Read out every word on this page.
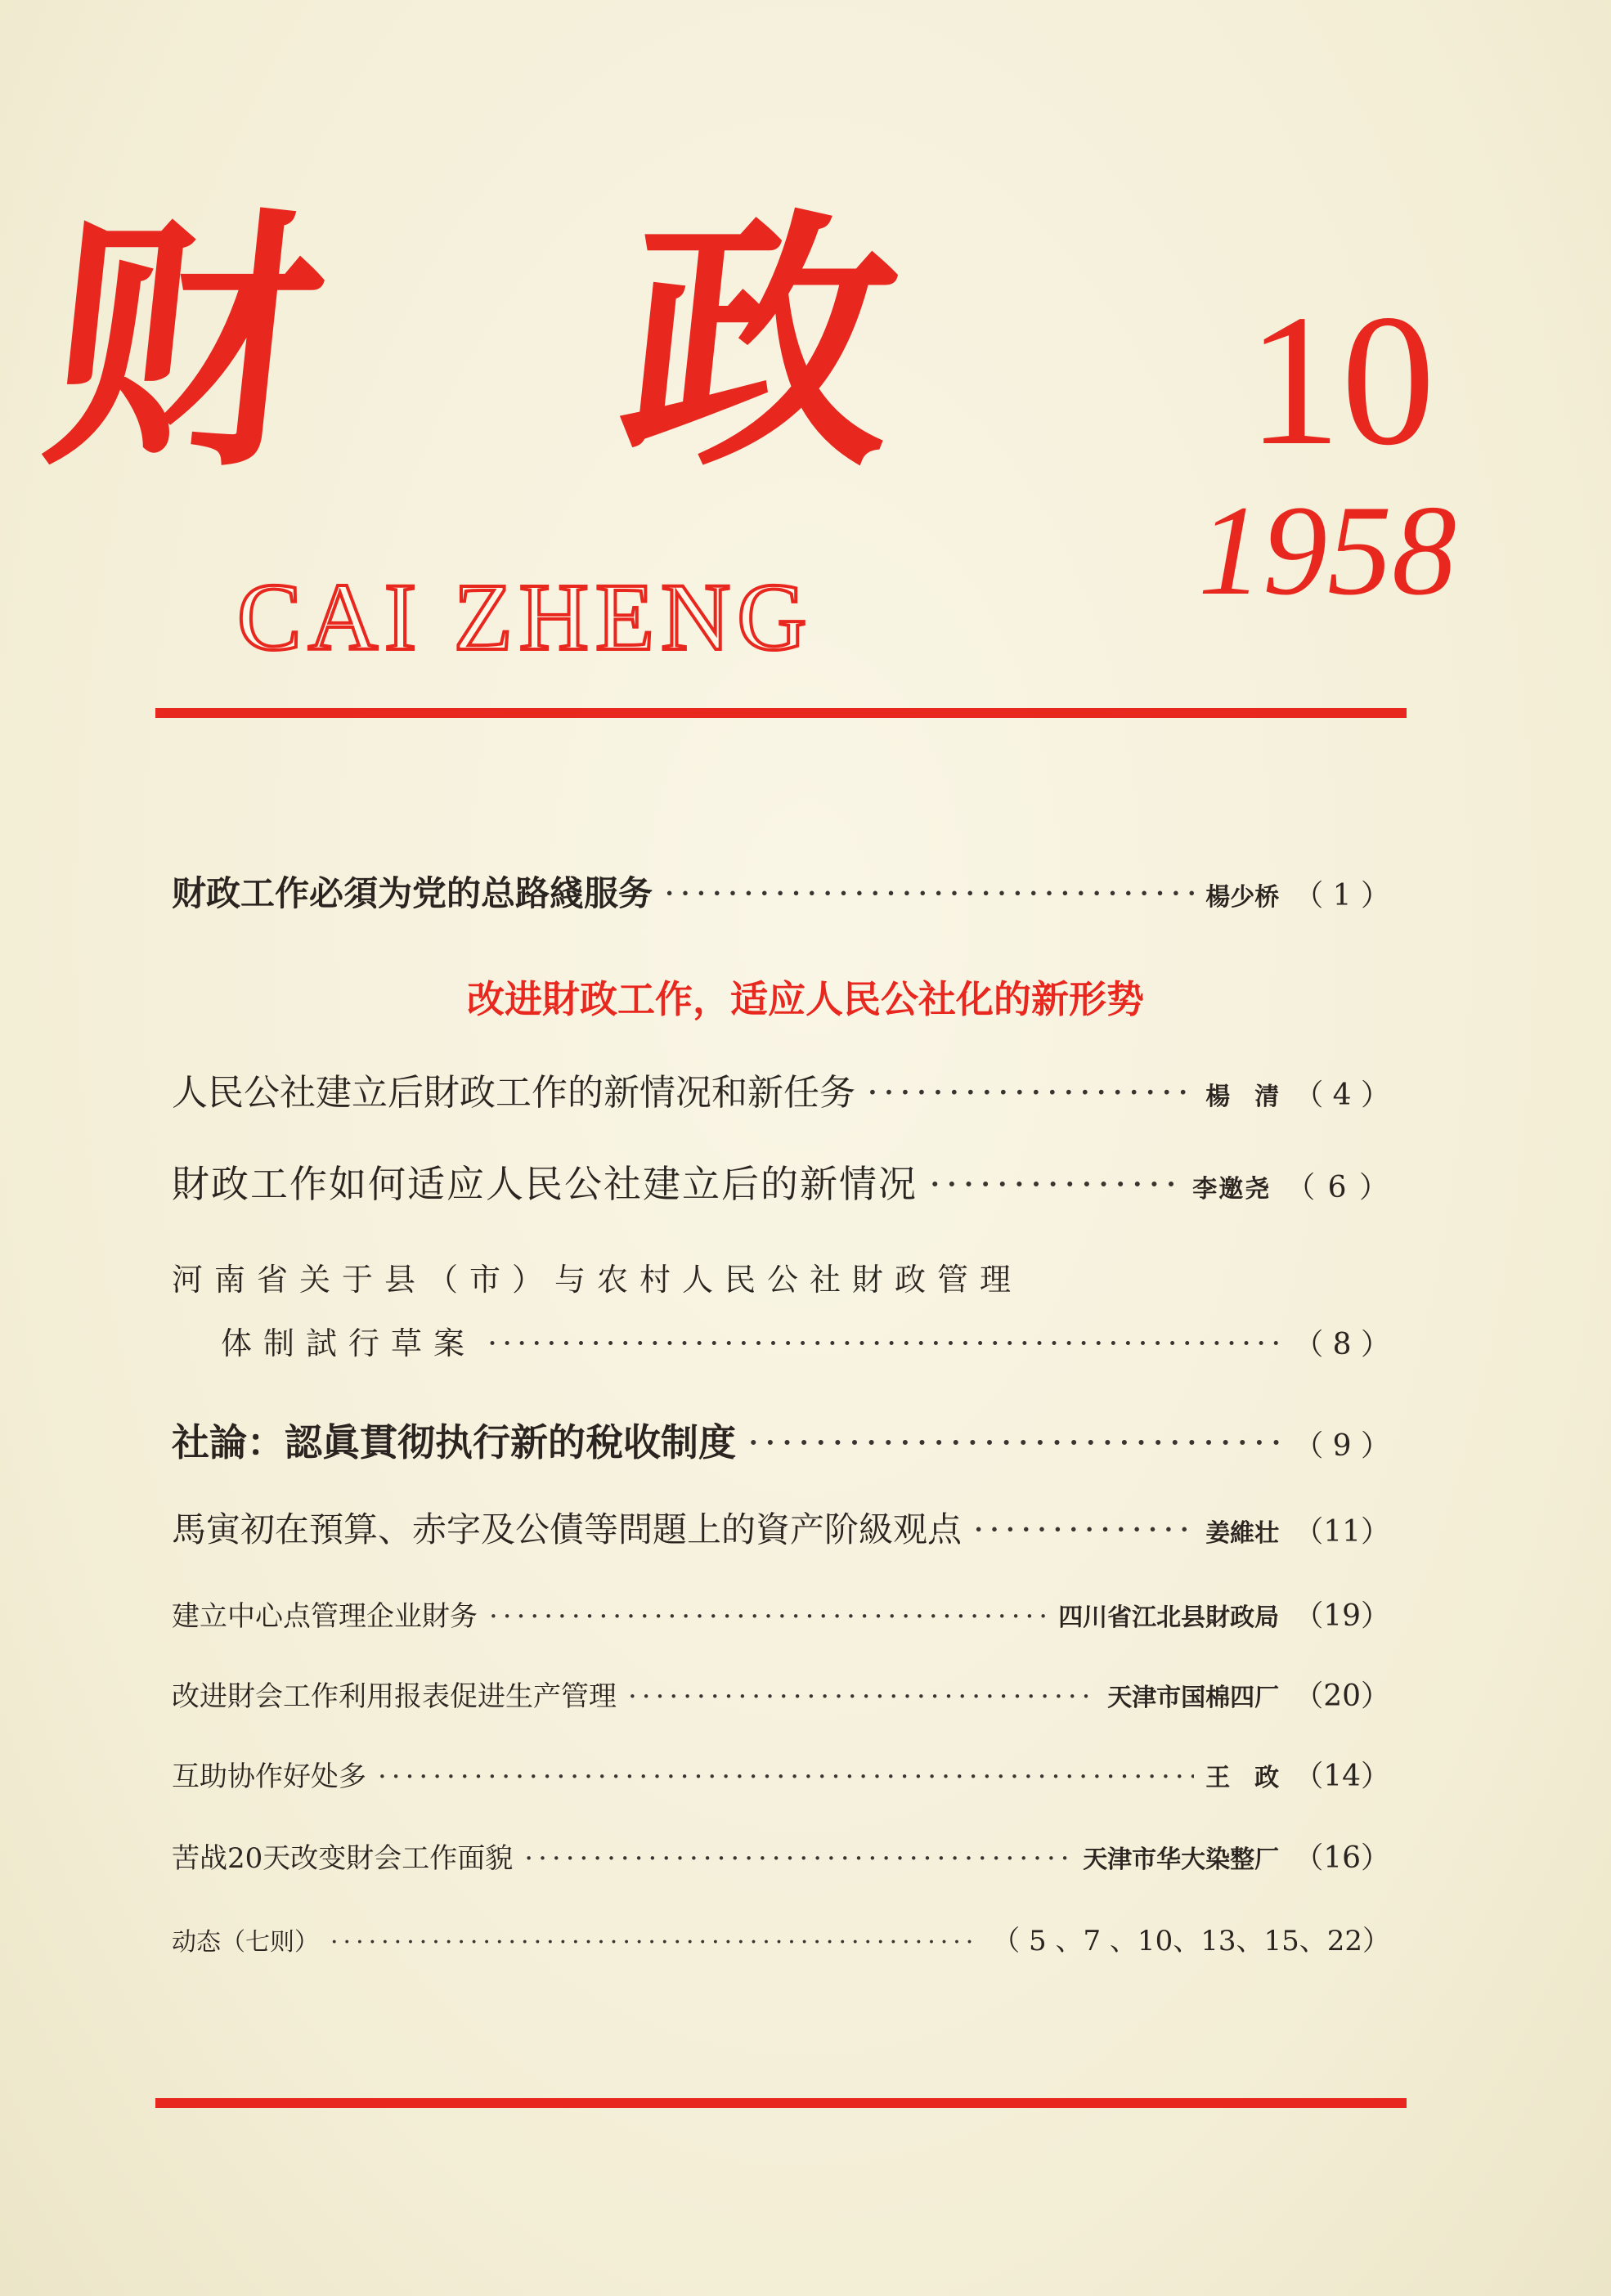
财 政 10
1958
CAI ZHENG
财政工作必須为党的总路綫服务 ·····	楊少桥 （ 1 ）
改进財政工作，适应人民公社化的新形势
人民公社建立后財政工作的新情况和新任务 ·····	楊　清 （ 4 ）
財政工作如何适应人民公社建立后的新情况 ·····	李邀尧 （ 6 ）
河南省关于县（市）与农村人民公社財政管理
体制試行草案 ·····	（ 8 ）
社論：認眞貫彻执行新的稅收制度 ·····	（ 9 ）
馬寅初在預算、赤字及公債等問題上的資产阶級观点 ·····	姜維壮 （11）
建立中心点管理企业財务 ·····	四川省江北县財政局 （19）
改进財会工作利用报表促进生产管理 ·····	天津市国棉四厂 （20）
互助协作好处多 ·····	王　政 （14）
苦战20天改变財会工作面貌 ·····	天津市华大染整厂 （16）
动态（七则） ·····	（ 5 、7 、10、13、15、22）
